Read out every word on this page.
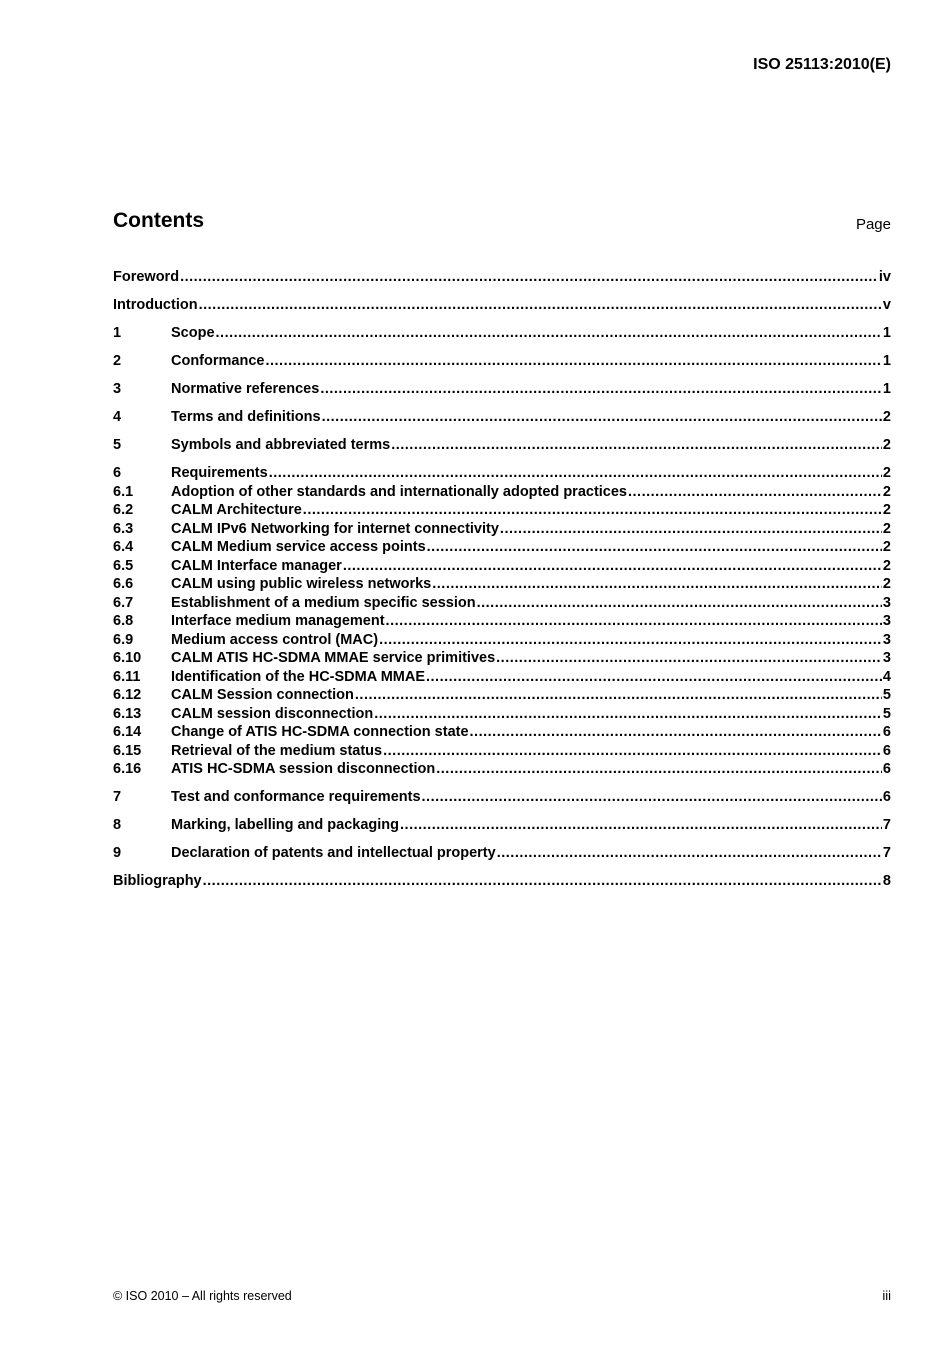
ISO 25113:2010(E)
Contents	Page
Foreword .....	iv
Introduction .....	v
1	Scope .....	1
2	Conformance .....	1
3	Normative references .....	1
4	Terms and definitions .....	2
5	Symbols and abbreviated terms .....	2
6	Requirements .....	2
6.1	Adoption of other standards and internationally adopted practices .....	2
6.2	CALM Architecture .....	2
6.3	CALM IPv6 Networking for internet connectivity .....	2
6.4	CALM Medium service access points .....	2
6.5	CALM Interface manager .....	2
6.6	CALM using public wireless networks .....	2
6.7	Establishment of a medium specific session .....	3
6.8	Interface medium management .....	3
6.9	Medium access control (MAC) .....	3
6.10	CALM ATIS HC-SDMA MMAE service primitives .....	3
6.11	Identification of the HC-SDMA MMAE .....	4
6.12	CALM Session connection .....	5
6.13	CALM session disconnection .....	5
6.14	Change of ATIS HC-SDMA connection state .....	6
6.15	Retrieval of the medium status .....	6
6.16	ATIS HC-SDMA session disconnection .....	6
7	Test and conformance requirements .....	6
8	Marking, labelling and packaging .....	7
9	Declaration of patents and intellectual property .....	7
Bibliography .....	8
© ISO 2010 – All rights reserved	iii
